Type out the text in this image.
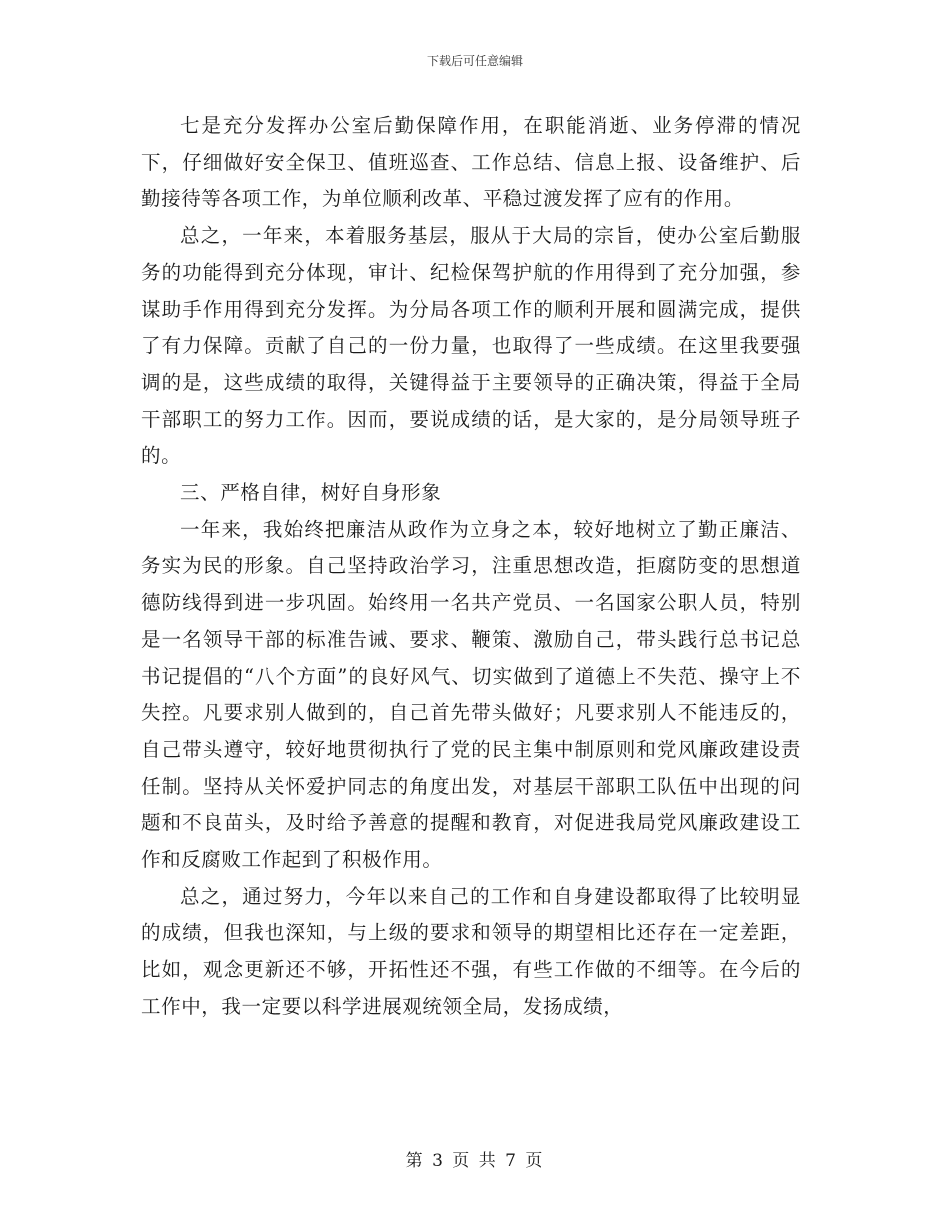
下载后可任意编辑

七是充分发挥办公室后勤保障作用，在职能消逝、业务停滞的情况下，仔细做好安全保卫、值班巡查、工作总结、信息上报、设备维护、后勤接待等各项工作，为单位顺利改革、平稳过渡发挥了应有的作用。

总之，一年来，本着服务基层，服从于大局的宗旨，使办公室后勤服务的功能得到充分体现，审计、纪检保驾护航的作用得到了充分加强，参谋助手作用得到充分发挥。为分局各项工作的顺利开展和圆满完成，提供了有力保障。贡献了自己的一份力量，也取得了一些成绩。在这里我要强调的是，这些成绩的取得，关键得益于主要领导的正确决策，得益于全局干部职工的努力工作。因而，要说成绩的话，是大家的，是分局领导班子的。

三、严格自律，树好自身形象

一年来，我始终把廉洁从政作为立身之本，较好地树立了勤正廉洁、务实为民的形象。自己坚持政治学习，注重思想改造，拒腐防变的思想道德防线得到进一步巩固。始终用一名共产党员、一名国家公职人员，特别是一名领导干部的标准告诫、要求、鞭策、激励自己，带头践行总书记总书记提倡的“八个方面”的良好风气、切实做到了道德上不失范、操守上不失控。凡要求别人做到的，自己首先带头做好；凡要求别人不能违反的，自己带头遵守，较好地贯彻执行了党的民主集中制原则和党风廉政建设责任制。坚持从关怀爱护同志的角度出发，对基层干部职工队伍中出现的问题和不良苗头，及时给予善意的提醒和教育，对促进我局党风廉政建设工作和反腐败工作起到了积极作用。

总之，通过努力，今年以来自己的工作和自身建设都取得了比较明显的成绩，但我也深知，与上级的要求和领导的期望相比还存在一定差距，比如，观念更新还不够，开拓性还不强，有些工作做的不细等。在今后的工作中，我一定要以科学进展观统领全局，发扬成绩，

第 3 页 共 7 页
